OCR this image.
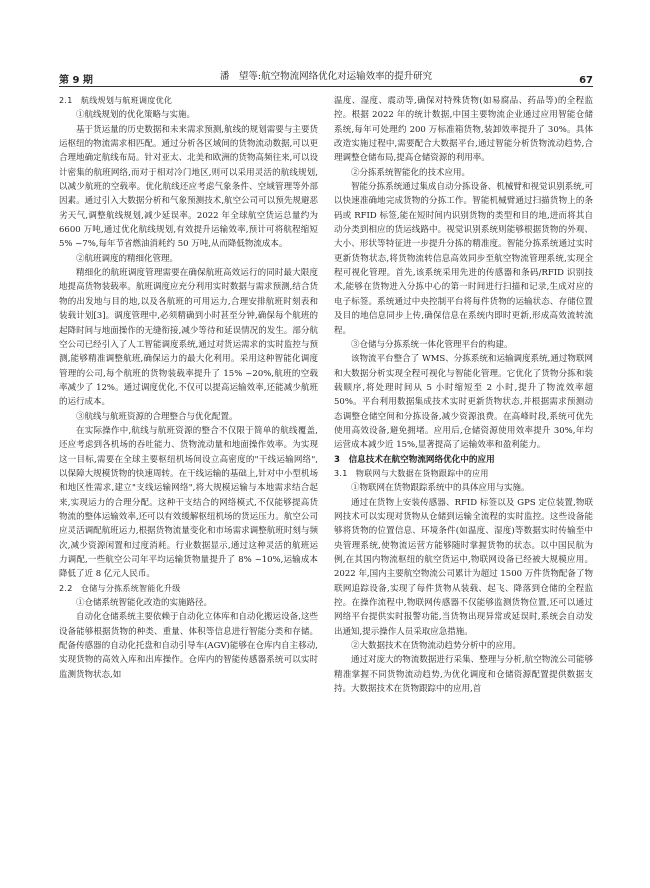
第 9 期	潘　望等:航空物流网络优化对运输效率的提升研究	67

2.1　航线规划与航班调度优化

①航线规划的优化策略与实施。

基于货运量的历史数据和未来需求预测,航线的规划需要与主要货运枢纽的物流需求相匹配。通过分析各区域间的货物流动数据,可以更合理地确定航线布局。针对亚太、北美和欧洲的货物高频往来,可以设计密集的航班网络,而对于相对冷门地区,则可以采用灵活的航线规划,以减少航班的空载率。优化航线还应考虑气象条件、空域管理等外部因素。通过引入大数据分析和气象预测技术,航空公司可以预先规避恶劣天气,调整航线规划,减少延误率。2022 年全球航空货运总量约为 6600 万吨,通过优化航线规划,有效提升运输效率,预计可将航程缩短 5% ~7%,每年节省燃油消耗约 50 万吨,从而降低物流成本。

②航班调度的精细化管理。

精细化的航班调度管理需要在确保航班高效运行的同时最大限度地提高货物装载率。航班调度应充分利用实时数据与需求预测,结合货物的出发地与目的地,以及各航班的可用运力,合理安排航班时刻表和装载计划[3]。调度管理中,必须精确到小时甚至分钟,确保每个航班的起降时间与地面操作的无缝衔接,减少等待和延误情况的发生。部分航空公司已经引入了人工智能调度系统,通过对货运需求的实时监控与预测,能够精准调整航班,确保运力的最大化利用。采用这种智能化调度管理的公司,每个航班的货物装载率提升了 15% ~20%,航班的空载率减少了 12%。通过调度优化,不仅可以提高运输效率,还能减少航班的运行成本。

③航线与航班资源的合理整合与优化配置。

在实际操作中,航线与航班资源的整合不仅限于简单的航线覆盖,还应考虑到各机场的吞吐能力、货物流动量和地面操作效率。为实现这一目标,需要在全球主要枢纽机场间设立高密度的"干线运输网络",以保障大规模货物的快速周转。在干线运输的基础上,针对中小型机场和地区性需求,建立"支线运输网络",将大规模运输与本地需求结合起来,实现运力的合理分配。这种干支结合的网络模式,不仅能够提高货物流的整体运输效率,还可以有效缓解枢纽机场的货运压力。航空公司应灵活调配航班运力,根据货物流量变化和市场需求调整航班时刻与频次,减少资源闲置和过度消耗。行业数据显示,通过这种灵活的航班运力调配,一些航空公司年平均运输货物量提升了 8% ~10%,运输成本降低了近 8 亿元人民币。

2.2　仓储与分拣系统智能化升级

①仓储系统智能化改造的实施路径。

自动化仓储系统主要依赖于自动化立体库和自动化搬运设备,这些设备能够根据货物的种类、重量、体积等信息进行智能分类和存储。配备传感器的自动化托盘和自动引导车(AGV)能够在仓库内自主移动,实现货物的高效入库和出库操作。仓库内的智能传感器系统可以实时监测货物状态,如

温度、湿度、震动等,确保对特殊货物(如易腐品、药品等)的全程监控。根据 2022 年的统计数据,中国主要物流企业通过应用智能仓储系统,每年可处理约 200 万标准箱货物,装卸效率提升了 30%。具体改造实施过程中,需要配合大数据平台,通过智能分析货物流动趋势,合理调整仓储布局,提高仓储资源的利用率。

②分拣系统智能化的技术应用。

智能分拣系统通过集成自动分拣设备、机械臂和视觉识别系统,可以快速准确地完成货物的分拣工作。智能机械臂通过扫描货物上的条码或 RFID 标签,能在短时间内识别货物的类型和目的地,进而将其自动分类到相应的货运线路中。视觉识别系统则能够根据货物的外观、大小、形状等特征进一步提升分拣的精准度。智能分拣系统通过实时更新货物状态,将货物流转信息高效同步至航空物流管理系统,实现全程可视化管理。首先,该系统采用先进的传感器和条码/RFID 识别技术,能够在货物进入分拣中心的第一时间进行扫描和记录,生成对应的电子标签。系统通过中央控制平台将每件货物的运输状态、存储位置及目的地信息同步上传,确保信息在系统内即时更新,形成高效流转流程。

③仓储与分拣系统一体化管理平台的构建。

该物流平台整合了 WMS、分拣系统和运输调度系统,通过物联网和大数据分析实现全程可视化与智能化管理。它优化了货物分拣和装载顺序,将处理时间从 5 小时缩短至 2 小时,提升了物流效率超 50%。平台利用数据集成技术实时更新货物状态,并根据需求预测动态调整仓储空间和分拣设备,减少资源浪费。在高峰时段,系统可优先使用高效设备,避免拥堵。应用后,仓储资源使用效率提升 30%,年均运营成本减少近 15%,显著提高了运输效率和盈利能力。

3　信息技术在航空物流网络优化中的应用

3.1　物联网与大数据在货物跟踪中的应用

①物联网在货物跟踪系统中的具体应用与实施。

通过在货物上安装传感器、RFID 标签以及 GPS 定位装置,物联网技术可以实现对货物从仓储到运输全流程的实时监控。这些设备能够将货物的位置信息、环境条件(如温度、湿度)等数据实时传输至中央管理系统,使物流运营方能够随时掌握货物的状态。以中国民航为例,在其国内物流枢纽的航空货运中,物联网设备已经被大规模应用。2022 年,国内主要航空物流公司累计为超过 1500 万件货物配备了物联网追踪设备,实现了每件货物从装载、起飞、降落到仓储的全程监控。在操作流程中,物联网传感器不仅能够监测货物位置,还可以通过网络平台提供实时报警功能,当货物出现异常或延误时,系统会自动发出通知,提示操作人员采取应急措施。

②大数据技术在货物流动趋势分析中的应用。

通过对庞大的物流数据进行采集、整理与分析,航空物流公司能够精准掌握不同货物流动趋势,为优化调度和仓储资源配置提供数据支持。大数据技术在货物跟踪中的应用,首
